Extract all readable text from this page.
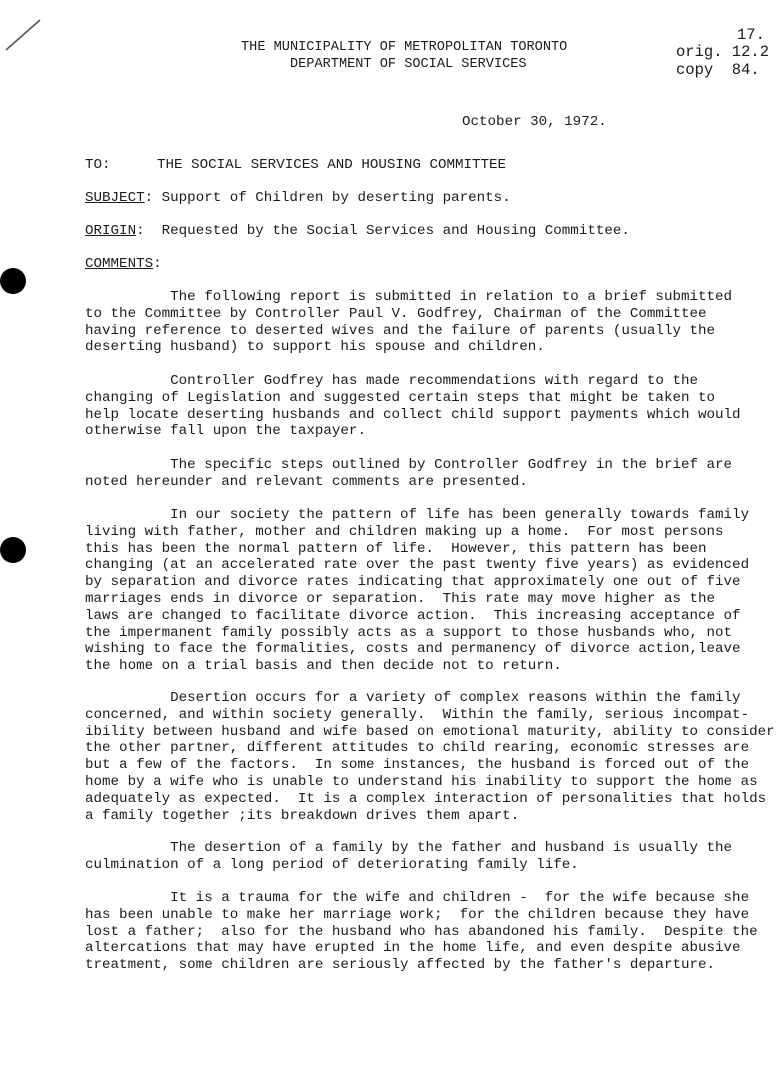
THE MUNICIPALITY OF METROPOLITAN TORONTO
DEPARTMENT OF SOCIAL SERVICES
17.
orig. 12.2
copy  84.
October 30, 1972.
TO:	THE SOCIAL SERVICES AND HOUSING COMMITTEE
SUBJECT: Support of Children by deserting parents.
ORIGIN:  Requested by the Social Services and Housing Committee.
COMMENTS:
The following report is submitted in relation to a brief submitted
to the Committee by Controller Paul V. Godfrey, Chairman of the Committee
having reference to deserted wives and the failure of parents (usually the
deserting husband) to support his spouse and children.
Controller Godfrey has made recommendations with regard to the
changing of Legislation and suggested certain steps that might be taken to
help locate deserting husbands and collect child support payments which would
otherwise fall upon the taxpayer.
The specific steps outlined by Controller Godfrey in the brief are
noted hereunder and relevant comments are presented.
In our society the pattern of life has been generally towards family
living with father, mother and children making up a home.  For most persons
this has been the normal pattern of life.  However, this pattern has been
changing (at an accelerated rate over the past twenty five years) as evidenced
by separation and divorce rates indicating that approximately one out of five
marriages ends in divorce or separation.  This rate may move higher as the
laws are changed to facilitate divorce action.  This increasing acceptance of
the impermanent family possibly acts as a support to those husbands who, not
wishing to face the formalities, costs and permanency of divorce action,leave
the home on a trial basis and then decide not to return.
Desertion occurs for a variety of complex reasons within the family
concerned, and within society generally.  Within the family, serious incompat-
ibility between husband and wife based on emotional maturity, ability to consider
the other partner, different attitudes to child rearing, economic stresses are
but a few of the factors.  In some instances, the husband is forced out of the
home by a wife who is unable to understand his inability to support the home as
adequately as expected.  It is a complex interaction of personalities that holds
a family together ;its breakdown drives them apart.
The desertion of a family by the father and husband is usually the
culmination of a long period of deteriorating family life.
It is a trauma for the wife and children -  for the wife because she
has been unable to make her marriage work;  for the children because they have
lost a father;  also for the husband who has abandoned his family.  Despite the
altercations that may have erupted in the home life, and even despite abusive
treatment, some children are seriously affected by the father's departure.
